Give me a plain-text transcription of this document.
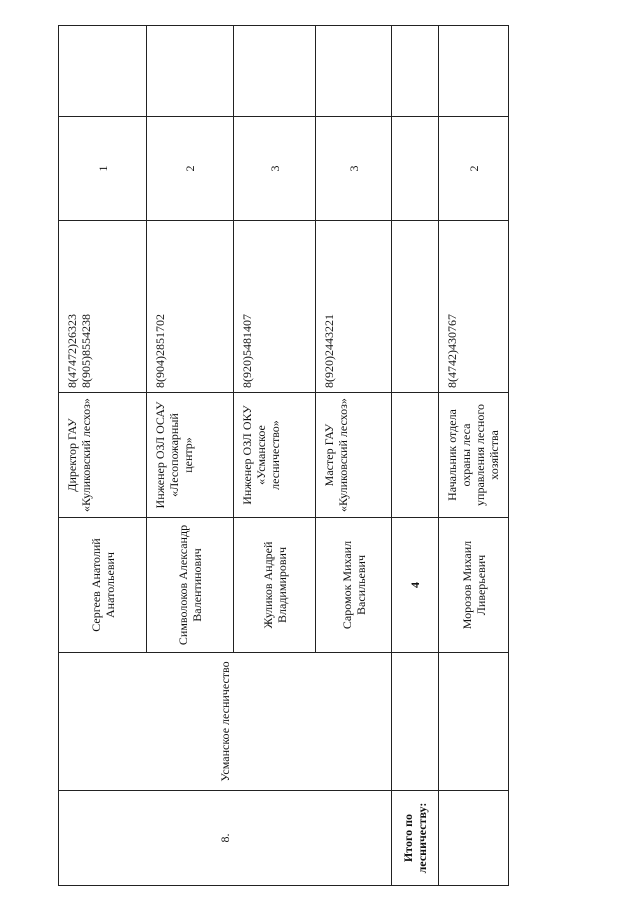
8.	Усманское лесничество	Сергеев Анатолий Анатольевич	Директор ГАУ «Куликовский лесхоз»	8(47472)26323 8(905)8554238	1	
		Символоков Александр Валентинович	Инженер ОЗЛ ОСАУ «Лесопожарный центр»	8(904)2851702	2	
		Жуликов Андрей Владимирович	Инженер ОЗЛ ОКУ «Усманское лесничество»	8(920)5481407	3	
		Саромок Михаил Васильевич	Мастер ГАУ «Куликовский лесхоз»	8(920)2443221	3	
Итого по лесничеству:		4				
		Морозов Михаил Ливерьевич	Начальник отдела охраны леса управления лесного хозяйства	8(4742)430767	2	
